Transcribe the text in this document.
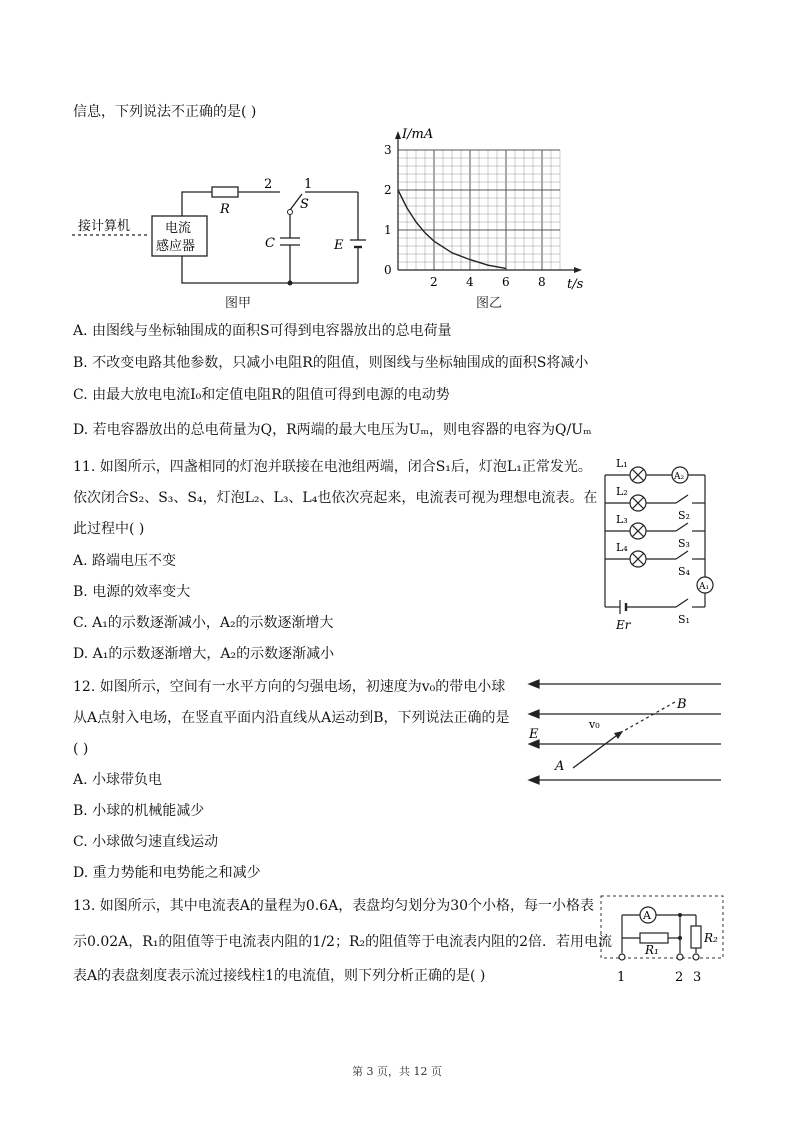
信息，下列说法不正确的是( )
接计算机	电流
感应器
R
2 1
S
C	E
图甲
2 4 6 8
3
2
1
0
I/mA
t/s
图乙
A. 由图线与坐标轴围成的面积S可得到电容器放出的总电荷量
B. 不改变电路其他参数，只减小电阻R的阻值，则图线与坐标轴围成的面积S将减小
C. 由最大放电电流I₀和定值电阻R的阻值可得到电源的电动势
D. 若电容器放出的总电荷量为Q，R两端的最大电压为Uₘ，则电容器的电容为Q/Uₘ
11. 如图所示，四盏相同的灯泡并联接在电池组两端，闭合S₁后，灯泡L₁正常发光。
依次闭合S₂、S₃、S₄，灯泡L₂、L₃、L₄也依次亮起来，电流表可视为理想电流表。在
此过程中( )
A. 路端电压不变
B. 电源的效率变大
C. A₁的示数逐渐减小，A₂的示数逐渐增大
D. A₁的示数逐渐增大，A₂的示数逐渐减小
A₂
A₁
L₁
L₂
L₃
L₄
S₂
S₃
S₄
S₁
Er
12. 如图所示，空间有一水平方向的匀强电场，初速度为v₀的带电小球
从A点射入电场，在竖直平面内沿直线从A运动到B，下列说法正确的是
( )
A. 小球带负电
B. 小球的机械能减少
C. 小球做匀速直线运动
D. 重力势能和电势能之和减少
E
A
B
v₀
13. 如图所示，其中电流表A的量程为0.6A，表盘均匀划分为30个小格，每一小格表
示0.02A，R₁的阻值等于电流表内阻的1/2；R₂的阻值等于电流表内阻的2倍．若用电流
表A的表盘刻度表示流过接线柱1的电流值，则下列分析正确的是( )
A
R₁
R₂
1	2 3
第 3 页，共 12 页
